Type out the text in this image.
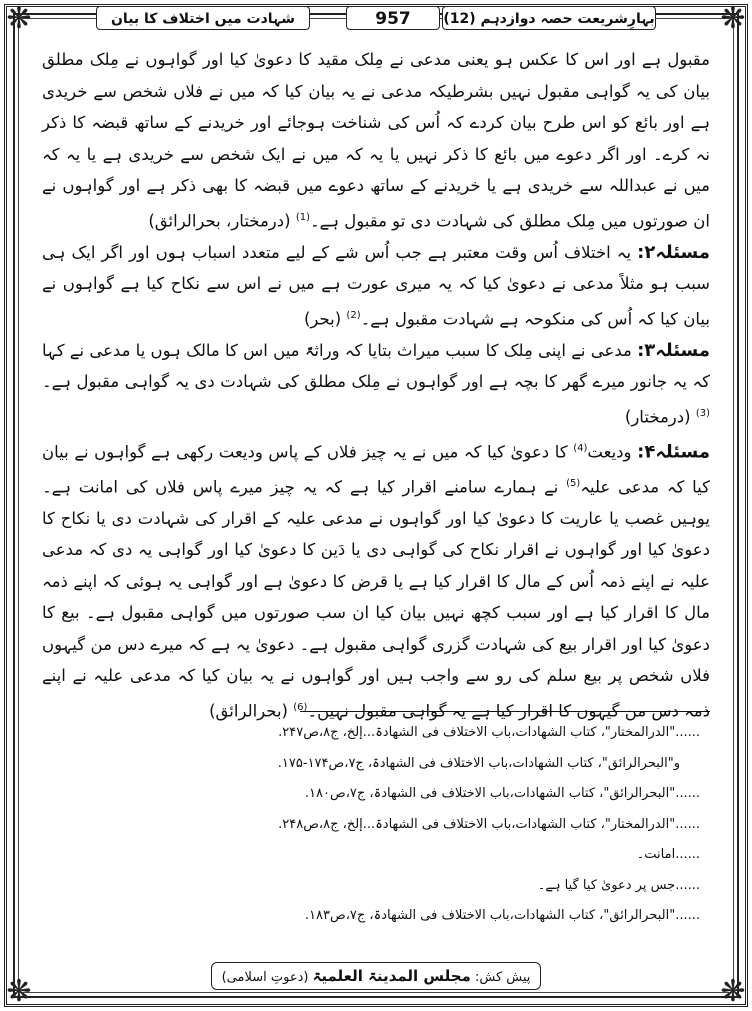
❋	❋
❋	❋
بہارِشریعت حصہ دوازدہم (12)
957
شہادت میں اختلاف کا بیان

مقبول ہے اور اس کا عکس ہو یعنی مدعی نے مِلک مقید کا دعویٰ کیا اور گواہوں نے مِلک مطلق بیان کی یہ گواہی مقبول نہیں بشرطیکہ مدعی نے یہ بیان کیا کہ میں نے فلاں شخص سے خریدی ہے اور بائع کو اس طرح بیان کردے کہ اُس کی شناخت ہوجائے اور خریدنے کے ساتھ قبضہ کا ذکر نہ کرے۔ اور اگر دعوے میں بائع کا ذکر نہیں یا یہ کہ میں نے ایک شخص سے خریدی ہے یا یہ کہ میں نے عبداللہ سے خریدی ہے یا خریدنے کے ساتھ دعوے میں قبضہ کا بھی ذکر ہے اور گواہوں نے ان صورتوں میں مِلک مطلق کی شہادت دی تو مقبول ہے۔$^{(1)}$ (درمختار، بحرالرائق)

مسئلہ۲: یہ اختلاف اُس وقت معتبر ہے جب اُس شے کے لیے متعدد اسباب ہوں اور اگر ایک ہی سبب ہو مثلاً مدعی نے دعویٰ کیا کہ یہ میری عورت ہے میں نے اس سے نکاح کیا ہے گواہوں نے بیان کیا کہ اُس کی منکوحہ ہے شہادت مقبول ہے۔$^{(2)}$ (بحر)

مسئلہ۳: مدعی نے اپنی مِلک کا سبب میراث بتایا کہ وراثۃً میں اس کا مالک ہوں یا مدعی نے کہا کہ یہ جانور میرے گھر کا بچہ ہے اور گواہوں نے مِلک مطلق کی شہادت دی یہ گواہی مقبول ہے۔$^{(3)}$ (درمختار)

مسئلہ۴: ودیعت$^{(4)}$ کا دعویٰ کیا کہ میں نے یہ چیز فلاں کے پاس ودیعت رکھی ہے گواہوں نے بیان کیا کہ مدعی علیہ$^{(5)}$ نے ہمارے سامنے اقرار کیا ہے کہ یہ چیز میرے پاس فلاں کی امانت ہے۔ یوہیں غصب یا عاریت کا دعویٰ کیا اور گواہوں نے مدعی علیہ کے اقرار کی شہادت دی یا نکاح کا دعویٰ کیا اور گواہوں نے اقرار نکاح کی گواہی دی یا دَین کا دعویٰ کیا اور گواہی یہ دی کہ مدعی علیہ نے اپنے ذمہ اُس کے مال کا اقرار کیا ہے یا قرض کا دعویٰ ہے اور گواہی یہ ہوئی کہ اپنے ذمہ مال کا اقرار کیا ہے اور سبب کچھ نہیں بیان کیا ان سب صورتوں میں گواہی مقبول ہے۔ بیع کا دعویٰ کیا اور اقرار بیع کی شہادت گزری گواہی مقبول ہے۔ دعویٰ یہ ہے کہ میرے دس من گیہوں فلاں شخص پر بیع سلم کی رو سے واجب ہیں اور گواہوں نے یہ بیان کیا کہ مدعی علیہ نے اپنے ذمہ دس من گیہوں کا اقرار کیا ہے یہ گواہی مقبول نہیں۔$^{(6)}$ (بحرالرائق)

......"الدرالمختار"، کتاب الشھادات،باب الاختلاف فی الشھادۃ...إلخ، ج۸،ص۲۴۷.
و"البحرالرائق"، کتاب الشھادات،باب الاختلاف فی الشھادۃ، ج۷،ص۱۷۴-۱۷۵.
......"البحرالرائق"، کتاب الشھادات،باب الاختلاف فی الشھادۃ، ج۷،ص۱۸۰.
......"الدرالمختار"، کتاب الشھادات،باب الاختلاف فی الشھادۃ...إلخ، ج۸،ص۲۴۸.
......امانت۔
......جس پر دعویٰ کیا گیا ہے۔
......"البحرالرائق"، کتاب الشھادات،باب الاختلاف فی الشھادۃ، ج۷،ص۱۸۳.
پیش کش: مجلس المدینۃ العلمیۃ (دعوتِ اسلامی)
